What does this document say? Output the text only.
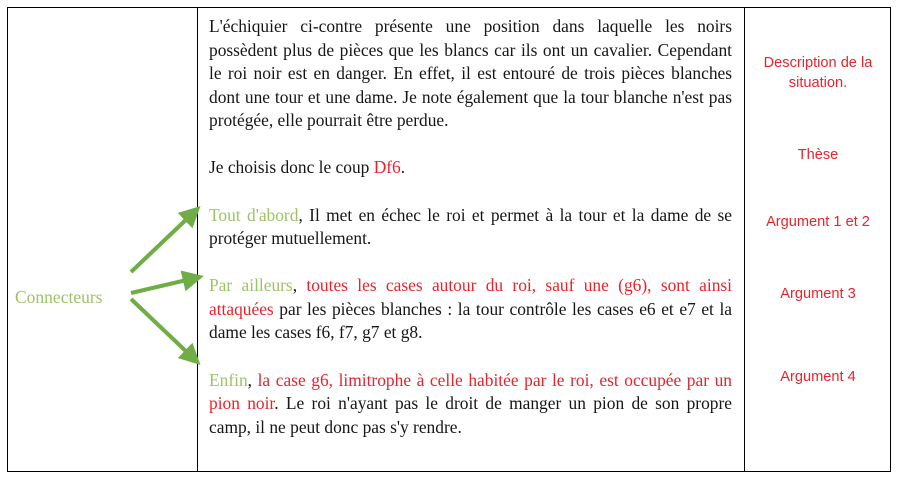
Connecteurs

L'échiquier ci-contre présente une position dans laquelle les noirs possèdent plus de pièces que les blancs car ils ont un cavalier. Cependant le roi noir est en danger. En effet, il est entouré de trois pièces blanches dont une tour et une dame. Je note également que la tour blanche n'est pas protégée, elle pourrait être perdue.

Je choisis donc le coup Df6.

Tout d'abord, Il met en échec le roi et permet à la tour et la dame de se protéger mutuellement.

Par ailleurs, toutes les cases autour du roi, sauf une (g6), sont ainsi attaquées par les pièces blanches : la tour contrôle les cases e6 et e7 et la dame les cases f6, f7, g7 et g8.

Enfin, la case g6, limitrophe à celle habitée par le roi, est occupée par un pion noir. Le roi n'ayant pas le droit de manger un pion de son propre camp, il ne peut donc pas s'y rendre.

Description de la
situation.
Thèse
Argument 1 et 2
Argument 3
Argument 4
